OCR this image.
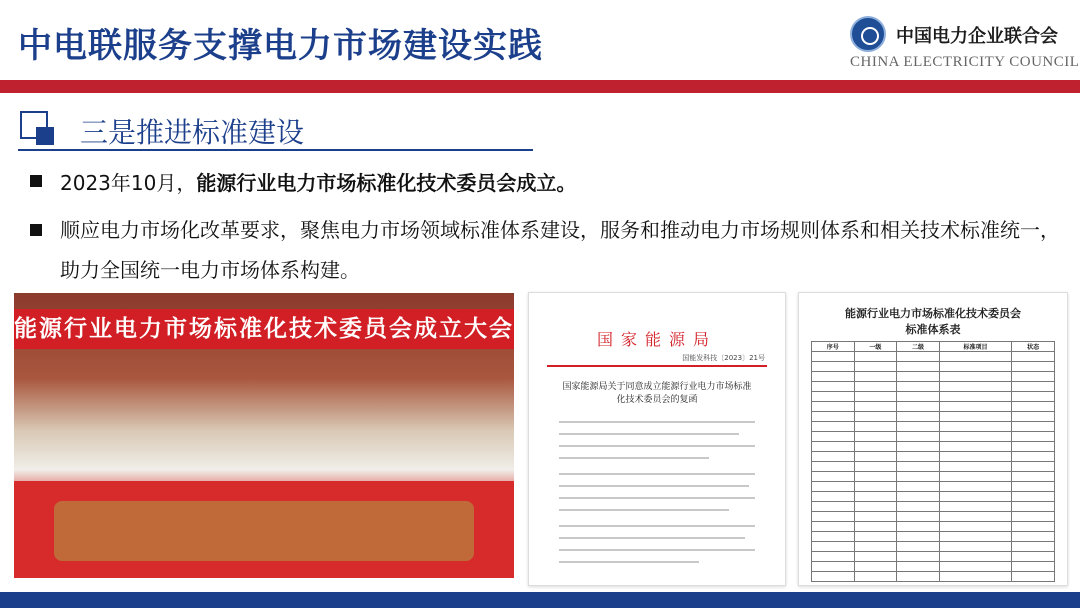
中电联服务支撑电力市场建设实践	中国电力企业联合会
CHINA ELECTRICITY COUNCIL
三是推进标准建设
2023年10月，能源行业电力市场标准化技术委员会成立。
顺应电力市场化改革要求，聚焦电力市场领域标准体系建设，服务和推动电力市场规则体系和相关技术标准统一，助力全国统一电力市场体系构建。
能源行业电力市场标准化技术委员会成立大会	国家能源局
国能发科技〔2023〕21号
国家能源局关于同意成立能源行业电力市场标准化技术委员会的复函
能源行业电力市场标准化技术委员会
标准体系表
序号	一级	二级	标准项目	状态
